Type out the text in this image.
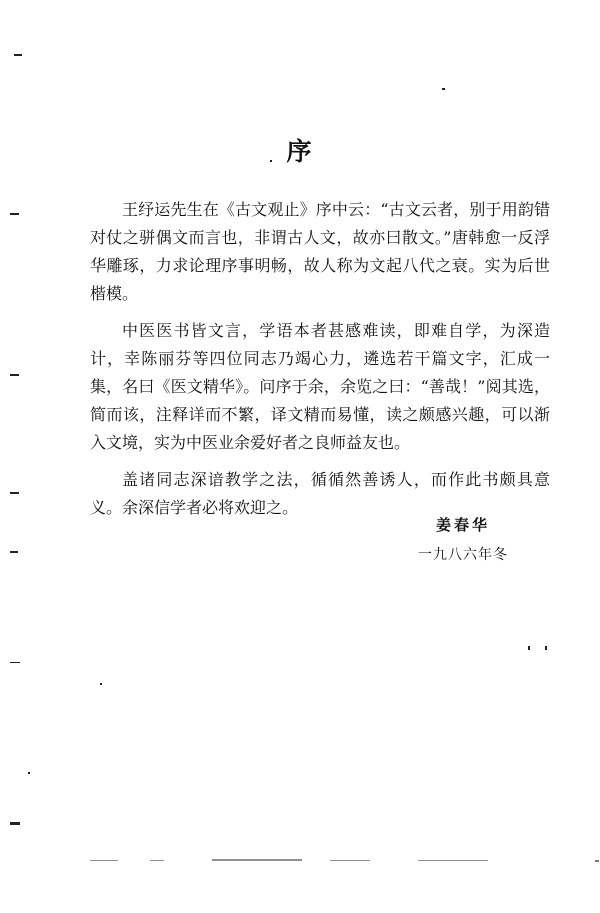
序

王纾运先生在《古文观止》序中云：“古文云者，别于用韵错对仗之骈偶文而言也，非谓古人文，故亦曰散文。”唐韩愈一反浮华雕琢，力求论理序事明畅，故人称为文起八代之衰。实为后世楷模。

中医医书皆文言，学语本者甚感难读，即难自学，为深造计，幸陈丽芬等四位同志乃竭心力，遴选若干篇文字，汇成一集，名曰《医文精华》。问序于余，余览之曰：“善哉！”阅其选，简而该，注释详而不繁，译文精而易懂，读之颇感兴趣，可以渐入文境，实为中医业余爱好者之良师益友也。

盖诸同志深谙教学之法，循循然善诱人，而作此书颇具意义。余深信学者必将欢迎之。

姜春华
一九八六年冬
